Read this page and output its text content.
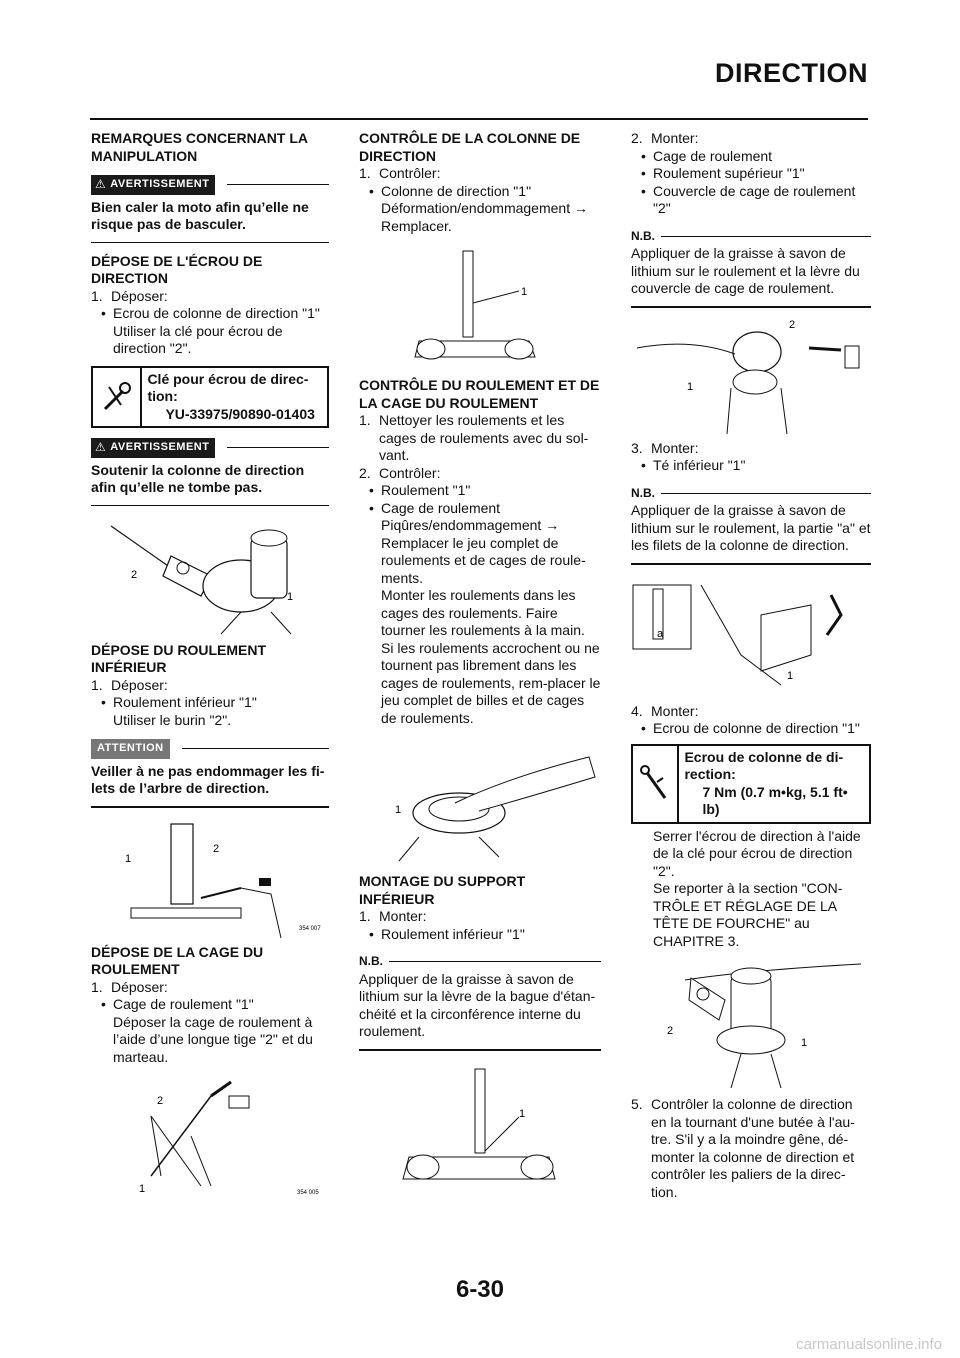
DIRECTION
REMARQUES CONCERNANT LA MANIPULATION
⚠ AVERTISSEMENT
Bien caler la moto afin qu’elle ne risque pas de basculer.
DÉPOSE DE L'ÉCROU DE DIRECTION
1. Déposer:
• Ecrou de colonne de direction "1"
Utiliser la clé pour écrou de direction "2".
Clé pour écrou de direc-tion:
YU-33975/90890-01403
⚠ AVERTISSEMENT
Soutenir la colonne de direction afin qu’elle ne tombe pas.
2
1
DÉPOSE DU ROULEMENT INFÉRIEUR
1. Déposer:
• Roulement inférieur "1"
Utiliser le burin "2".
ATTENTION
Veiller à ne pas endommager les fi-lets de l’arbre de direction.
1
2
354 007
DÉPOSE DE LA CAGE DU ROULEMENT
1. Déposer:
• Cage de roulement "1"
Déposer la cage de roulement à l’aide d’une longue tige "2" et du marteau.
2
1	354 005
CONTRÔLE DE LA COLONNE DE DIRECTION
1. Contrôler:
• Colonne de direction "1"
Déformation/endommagement → Remplacer.
1
CONTRÔLE DU ROULEMENT ET DE LA CAGE DU ROULEMENT
1. Nettoyer les roulements et les cages de roulements avec du sol-vant.
2. Contrôler:
• Roulement "1"
• Cage de roulement
Piqûres/endommagement → Remplacer le jeu complet de roulements et de cages de roule-ments.
Monter les roulements dans les cages des roulements. Faire tourner les roulements à la main. Si les roulements accrochent ou ne tournent pas librement dans les cages de roulements, rem-placer le jeu complet de billes et de cages de roulements.
1
MONTAGE DU SUPPORT INFÉRIEUR
1. Monter:
• Roulement inférieur "1"
N.B.
Appliquer de la graisse à savon de lithium sur la lèvre de la bague d'étan-chéité et la circonférence interne du roulement.
1
2. Monter:
• Cage de roulement
• Roulement supérieur "1"
• Couvercle de cage de roulement "2"
N.B.
Appliquer de la graisse à savon de lithium sur le roulement et la lèvre du couvercle de cage de roulement.
2
1
3. Monter:
• Té inférieur "1"
N.B.
Appliquer de la graisse à savon de lithium sur le roulement, la partie "a" et les filets de la colonne de direction.
a
1
4. Monter:
• Ecrou de colonne de direction "1"
Ecrou de colonne de di-rection:
7 Nm (0.7 m•kg, 5.1 ft• lb)
Serrer l'écrou de direction à l'aide de la clé pour écrou de direction "2".
Se reporter à la section "CON-TRÔLE ET RÉGLAGE DE LA TÊTE DE FOURCHE" au CHAPITRE 3.
2
1
5. Contrôler la colonne de direction en la tournant d'une butée à l'au-tre. S'il y a la moindre gêne, dé-monter la colonne de direction et contrôler les paliers de la direc-tion.
6-30
carmanualsonline.info
